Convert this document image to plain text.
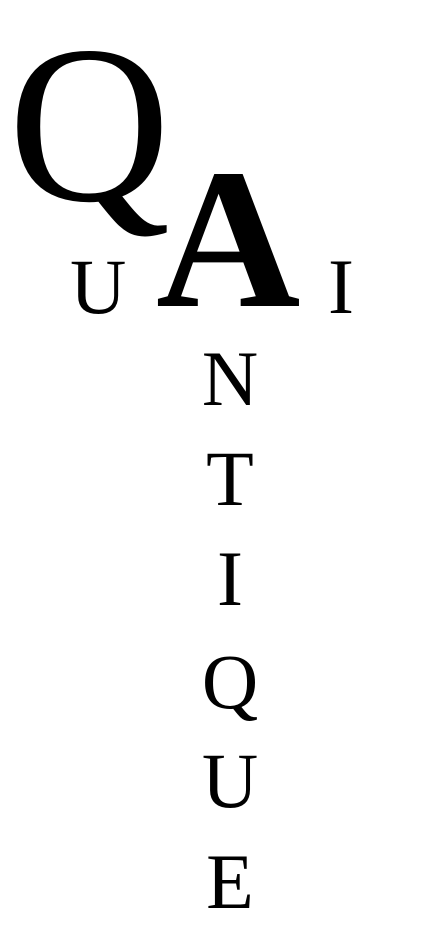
Q
U A I
N
T
I
Q
U
E
